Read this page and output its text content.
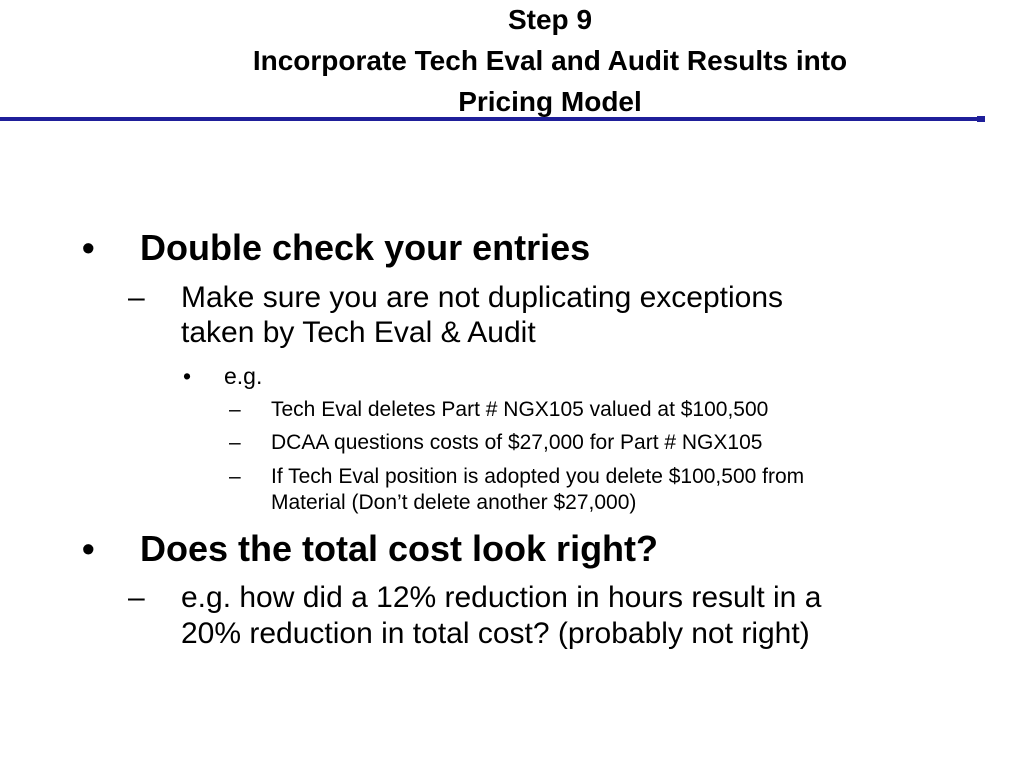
Step 9
Incorporate Tech Eval and Audit Results into
Pricing Model
• Double check your entries
– Make sure you are not duplicating exceptions
taken by Tech Eval & Audit
• e.g.
– Tech Eval deletes Part # NGX105 valued at $100,500
– DCAA questions costs of $27,000 for Part # NGX105
– If Tech Eval position is adopted you delete $100,500 from
Material (Don’t delete another $27,000)
• Does the total cost look right?
– e.g. how did a 12% reduction in hours result in a
20% reduction in total cost? (probably not right)
